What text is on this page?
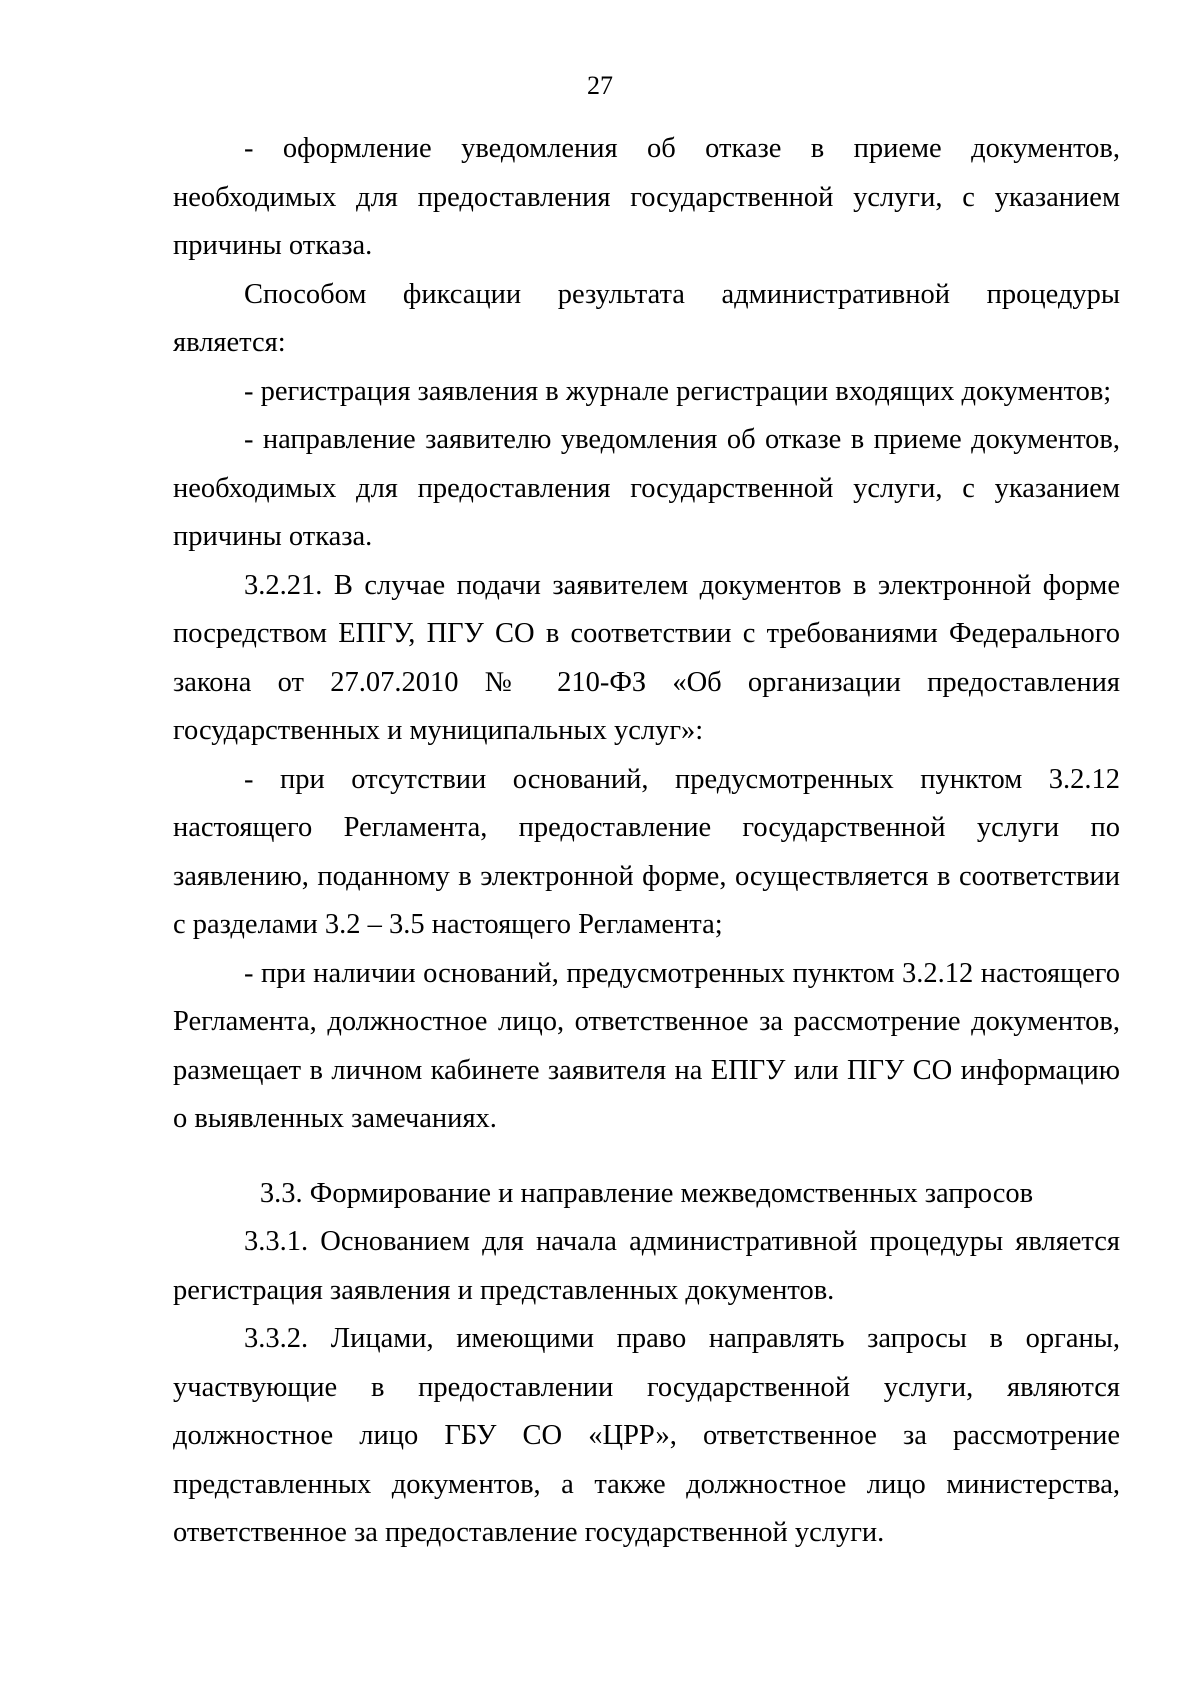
27

- оформление уведомления об отказе в приеме документов, необходимых для предоставления государственной услуги, с указанием причины отказа.

Способом фиксации результата административной процедуры является:

- регистрация заявления в журнале регистрации входящих документов;

- направление заявителю уведомления об отказе в приеме документов, необходимых для предоставления государственной услуги, с указанием причины отказа.

3.2.21. В случае подачи заявителем документов в электронной форме посредством ЕПГУ, ПГУ СО в соответствии с требованиями Федерального закона от 27.07.2010 № 210-ФЗ «Об организации предоставления государственных и муниципальных услуг»:

- при отсутствии оснований, предусмотренных пунктом 3.2.12 настоящего Регламента, предоставление государственной услуги по заявлению, поданному в электронной форме, осуществляется в соответствии с разделами 3.2 – 3.5 настоящего Регламента;

- при наличии оснований, предусмотренных пунктом 3.2.12 настоящего Регламента, должностное лицо, ответственное за рассмотрение документов, размещает в личном кабинете заявителя на ЕПГУ или ПГУ СО информацию о выявленных замечаниях.

3.3. Формирование и направление межведомственных запросов

3.3.1. Основанием для начала административной процедуры является регистрация заявления и представленных документов.

3.3.2. Лицами, имеющими право направлять запросы в органы, участвующие в предоставлении государственной услуги, являются должностное лицо ГБУ СО «ЦРР», ответственное за рассмотрение представленных документов, а также должностное лицо министерства, ответственное за предоставление государственной услуги.
